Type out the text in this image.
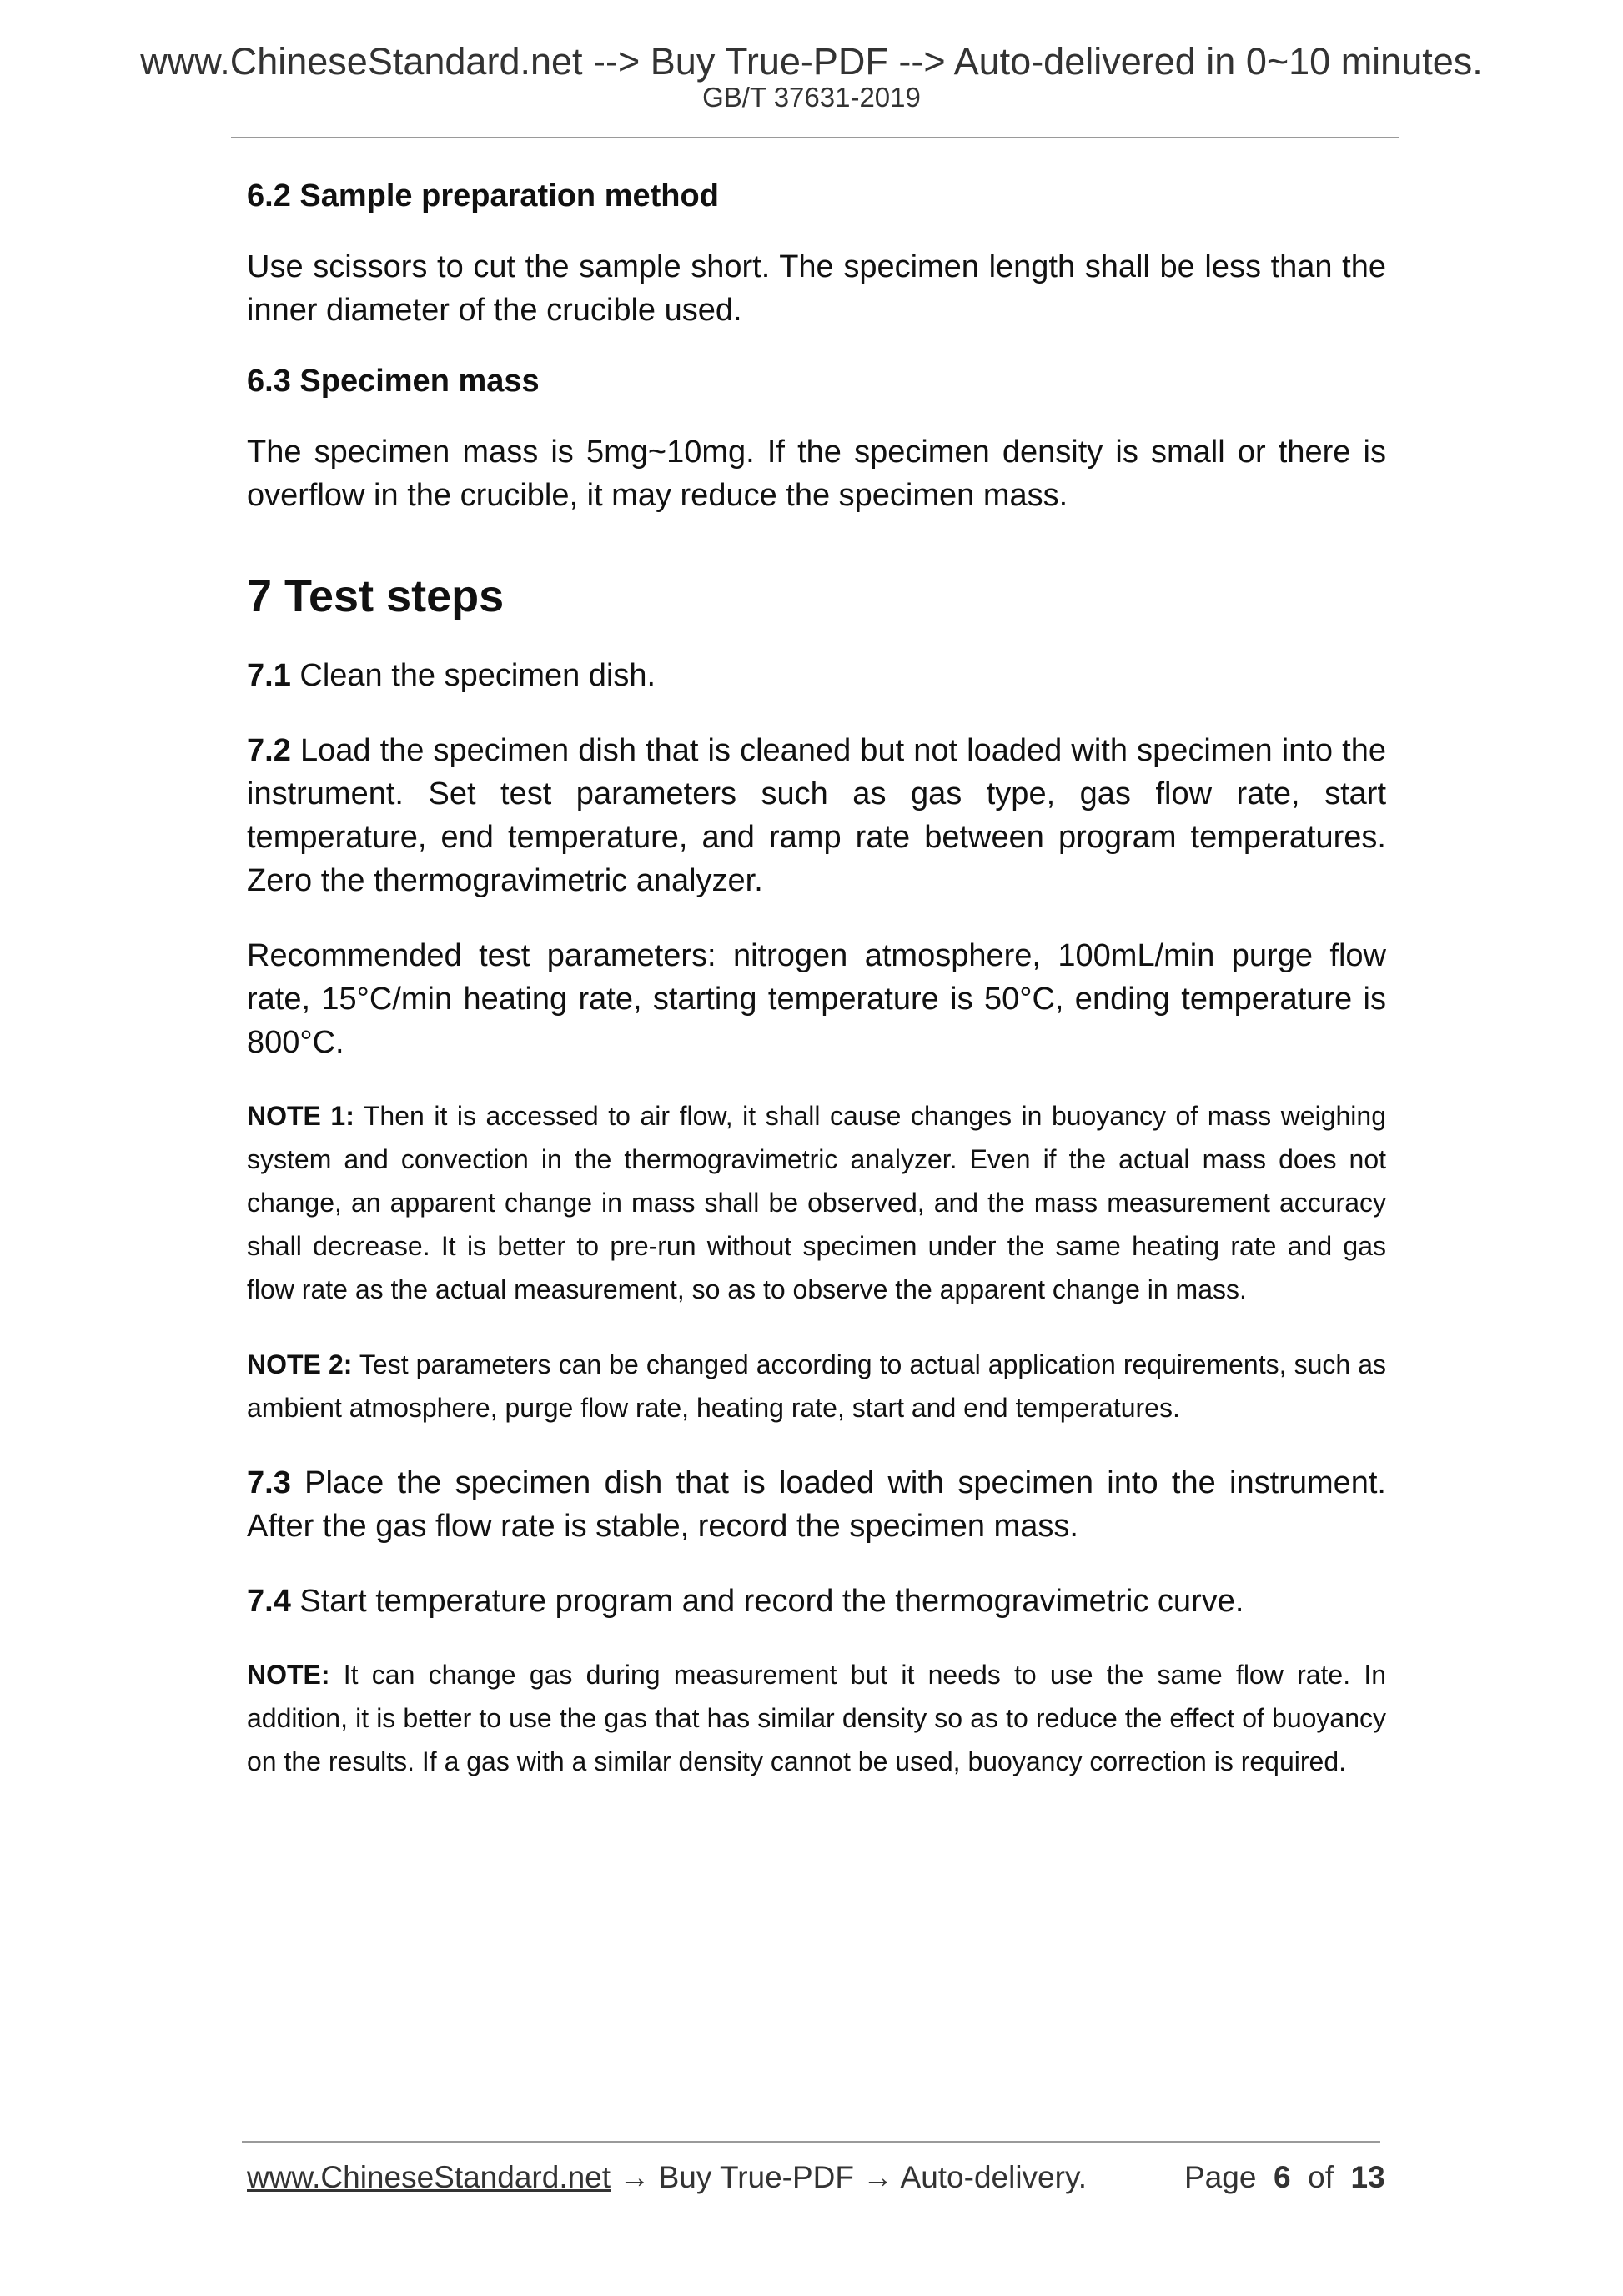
www.ChineseStandard.net --> Buy True-PDF --> Auto-delivered in 0~10 minutes.
GB/T 37631-2019
6.2 Sample preparation method

Use scissors to cut the sample short. The specimen length shall be less than the inner diameter of the crucible used.

6.3 Specimen mass

The specimen mass is 5mg~10mg. If the specimen density is small or there is overflow in the crucible, it may reduce the specimen mass.

7 Test steps

7.1 Clean the specimen dish.

7.2 Load the specimen dish that is cleaned but not loaded with specimen into the instrument. Set test parameters such as gas type, gas flow rate, start temperature, end temperature, and ramp rate between program temperatures. Zero the thermogravimetric analyzer.

Recommended test parameters: nitrogen atmosphere, 100mL/min purge flow rate, 15°C/min heating rate, starting temperature is 50°C, ending temperature is 800°C.

NOTE 1: Then it is accessed to air flow, it shall cause changes in buoyancy of mass weighing system and convection in the thermogravimetric analyzer. Even if the actual mass does not change, an apparent change in mass shall be observed, and the mass measurement accuracy shall decrease. It is better to pre-run without specimen under the same heating rate and gas flow rate as the actual measurement, so as to observe the apparent change in mass.

NOTE 2: Test parameters can be changed according to actual application requirements, such as ambient atmosphere, purge flow rate, heating rate, start and end temperatures.

7.3 Place the specimen dish that is loaded with specimen into the instrument. After the gas flow rate is stable, record the specimen mass.

7.4 Start temperature program and record the thermogravimetric curve.

NOTE: It can change gas during measurement but it needs to use the same flow rate. In addition, it is better to use the gas that has similar density so as to reduce the effect of buoyancy on the results. If a gas with a similar density cannot be used, buoyancy correction is required.

www.ChineseStandard.net → Buy True-PDF → Auto-delivery.	Page 6 of 13
